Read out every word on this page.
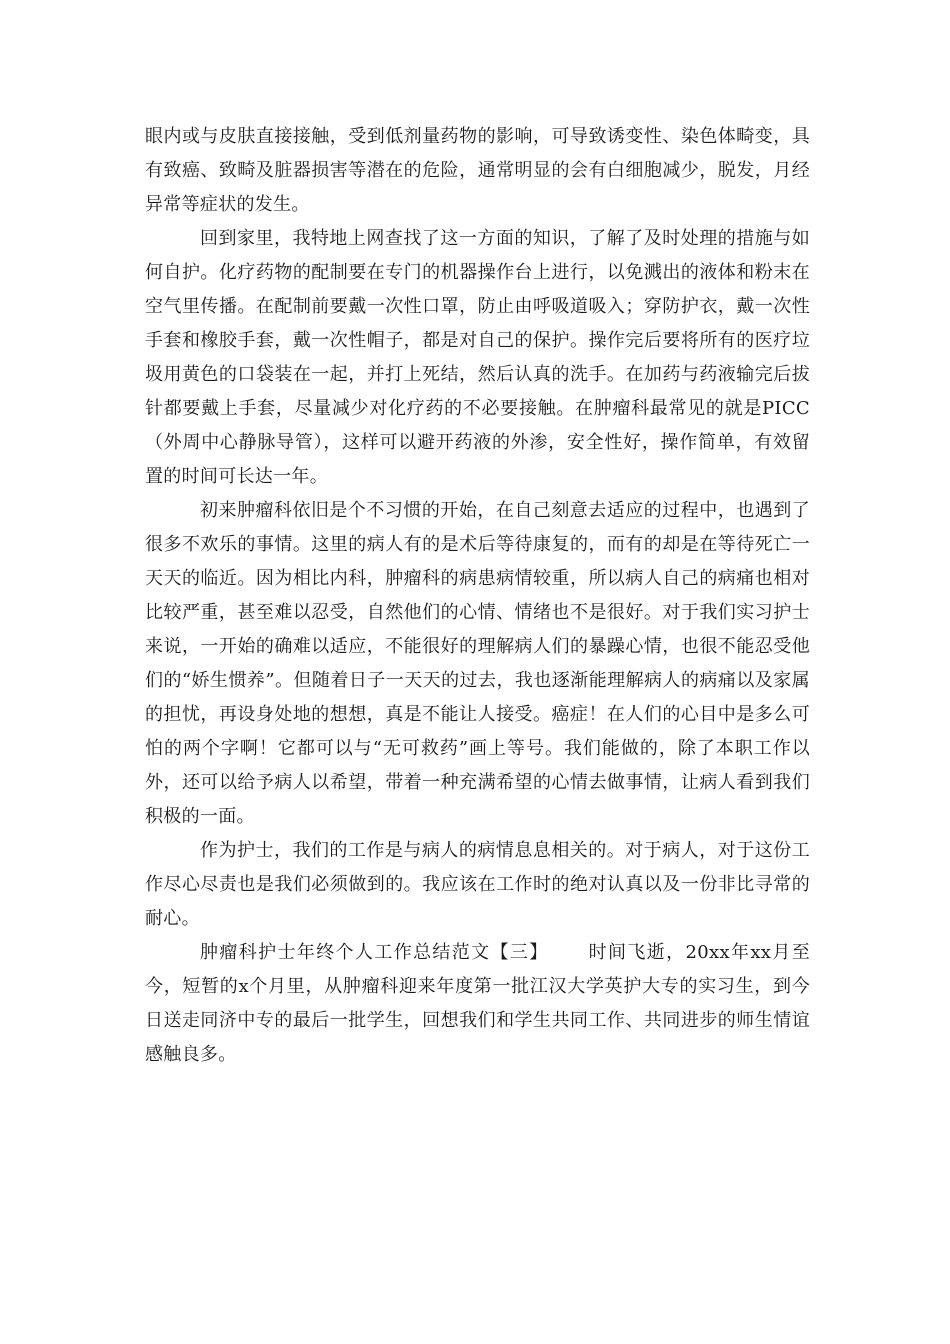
眼内或与皮肤直接接触，受到低剂量药物的影响，可导致诱变性、染色体畸变，具有致癌、致畸及脏器损害等潜在的危险，通常明显的会有白细胞减少，脱发，月经异常等症状的发生。

回到家里，我特地上网查找了这一方面的知识，了解了及时处理的措施与如何自护。化疗药物的配制要在专门的机器操作台上进行，以免溅出的液体和粉末在空气里传播。在配制前要戴一次性口罩，防止由呼吸道吸入；穿防护衣，戴一次性手套和橡胶手套，戴一次性帽子，都是对自己的保护。操作完后要将所有的医疗垃圾用黄色的口袋装在一起，并打上死结，然后认真的洗手。在加药与药液输完后拔针都要戴上手套，尽量减少对化疗药的不必要接触。在肿瘤科最常见的就是PICC（外周中心静脉导管），这样可以避开药液的外渗，安全性好，操作简单，有效留置的时间可长达一年。

初来肿瘤科依旧是个不习惯的开始，在自己刻意去适应的过程中，也遇到了很多不欢乐的事情。这里的病人有的是术后等待康复的，而有的却是在等待死亡一天天的临近。因为相比内科，肿瘤科的病患病情较重，所以病人自己的病痛也相对比较严重，甚至难以忍受，自然他们的心情、情绪也不是很好。对于我们实习护士来说，一开始的确难以适应，不能很好的理解病人们的暴躁心情，也很不能忍受他们的“娇生惯养”。但随着日子一天天的过去，我也逐渐能理解病人的病痛以及家属的担忧，再设身处地的想想，真是不能让人接受。癌症！在人们的心目中是多么可怕的两个字啊！它都可以与“无可救药”画上等号。我们能做的，除了本职工作以外，还可以给予病人以希望，带着一种充满希望的心情去做事情，让病人看到我们积极的一面。

作为护士，我们的工作是与病人的病情息息相关的。对于病人，对于这份工作尽心尽责也是我们必须做到的。我应该在工作时的绝对认真以及一份非比寻常的耐心。

肿瘤科护士年终个人工作总结范文【三】 时间飞逝，20xx年xx月至今，短暂的x个月里，从肿瘤科迎来年度第一批江汉大学英护大专的实习生，到今日送走同济中专的最后一批学生，回想我们和学生共同工作、共同进步的师生情谊感触良多。
